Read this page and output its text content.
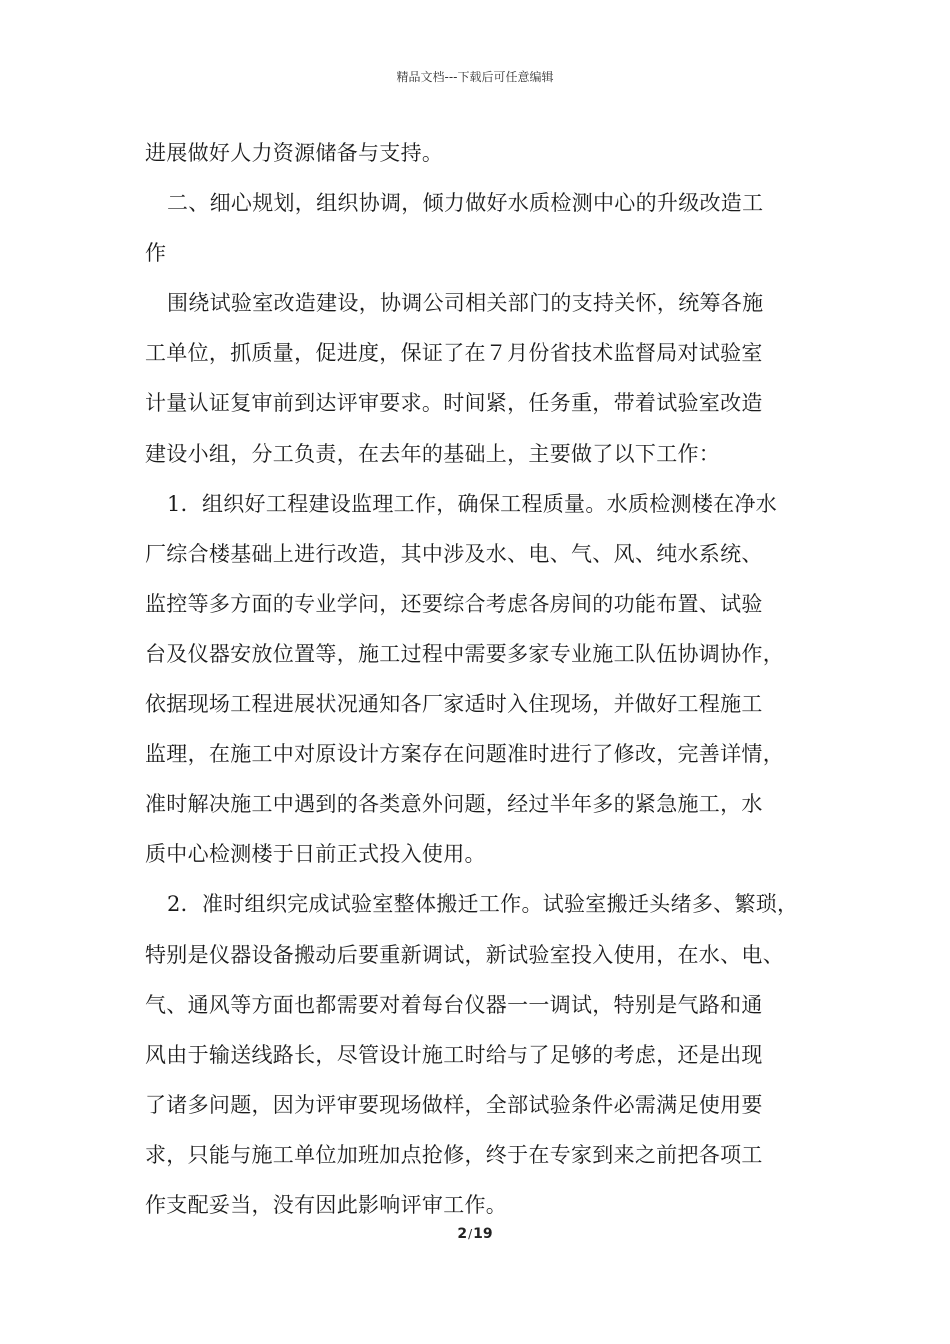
精品文档---下载后可任意编辑
进展做好人力资源储备与支持。
二、细心规划，组织协调，倾力做好水质检测中心的升级改造工
作
围绕试验室改造建设，协调公司相关部门的支持关怀，统筹各施
工单位，抓质量，促进度，保证了在７月份省技术监督局对试验室
计量认证复审前到达评审要求。时间紧，任务重，带着试验室改造
建设小组，分工负责，在去年的基础上，主要做了以下工作：
1．组织好工程建设监理工作，确保工程质量。水质检测楼在净水
厂综合楼基础上进行改造，其中涉及水、电、气、风、纯水系统、
监控等多方面的专业学问，还要综合考虑各房间的功能布置、试验
台及仪器安放位置等，施工过程中需要多家专业施工队伍协调协作，
依据现场工程进展状况通知各厂家适时入住现场，并做好工程施工
监理，在施工中对原设计方案存在问题准时进行了修改，完善详情，
准时解决施工中遇到的各类意外问题，经过半年多的紧急施工，水
质中心检测楼于日前正式投入使用。
2．准时组织完成试验室整体搬迁工作。试验室搬迁头绪多、繁琐，
特别是仪器设备搬动后要重新调试，新试验室投入使用，在水、电、
气、通风等方面也都需要对着每台仪器一一调试，特别是气路和通
风由于输送线路长，尽管设计施工时给与了足够的考虑，还是出现
了诸多问题，因为评审要现场做样，全部试验条件必需满足使用要
求，只能与施工单位加班加点抢修，终于在专家到来之前把各项工
作支配妥当，没有因此影响评审工作。
2/19
